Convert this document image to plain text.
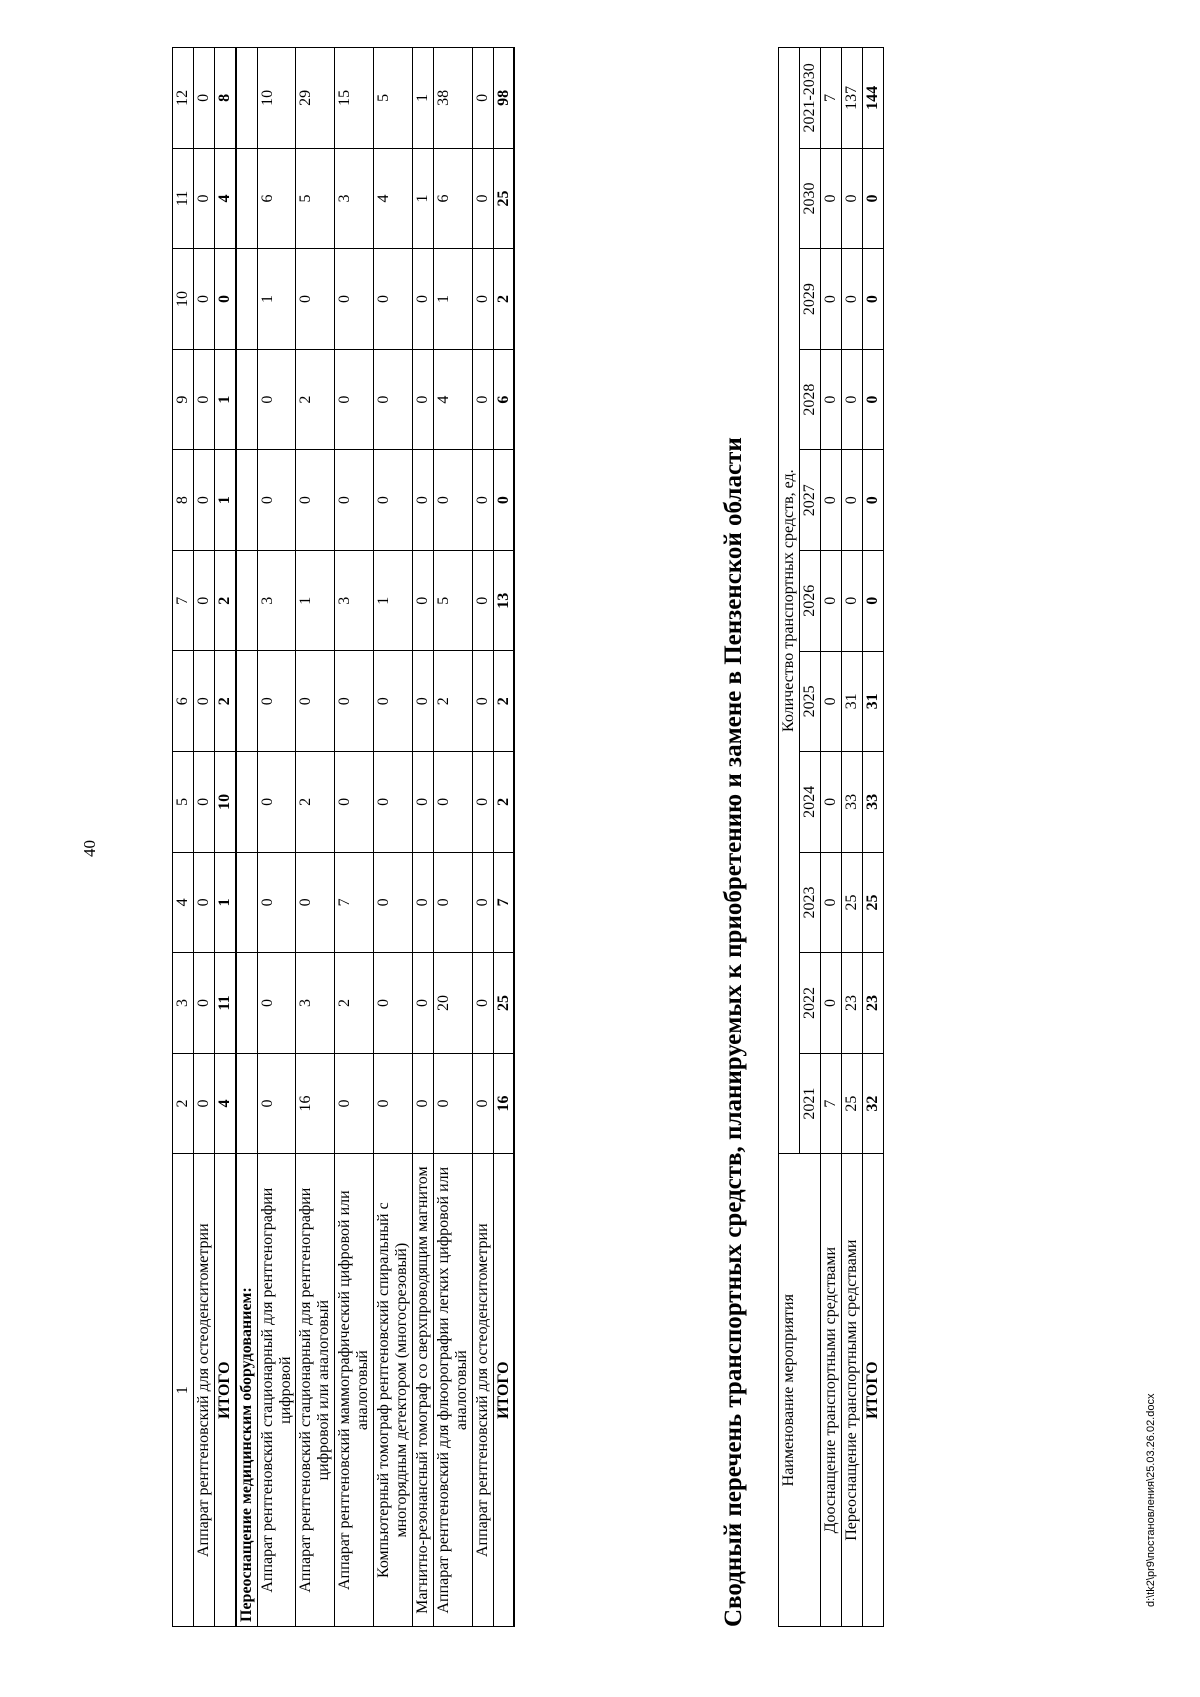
40
1	2	3	4	5	6	7	8	9	10	11	12
Аппарат рентгеновский для остеоденситометрии	0	0	0	0	0	0	0	0	0	0	0
ИТОГО	4	11	1	10	2	2	1	1	0	4	8
Переоснащение медицинским оборудованием:											
Аппарат рентгеновский стационарный для рентгенографии цифровой	0	0	0	0	0	3	0	0	1	6	10
Аппарат рентгеновский стационарный для рентгенографии цифровой или аналоговый	16	3	0	2	0	1	0	2	0	5	29
Аппарат рентгеновский маммографический цифровой или аналоговый	0	2	7	0	0	3	0	0	0	3	15
Компьютерный томограф рентгеновский спиральный с многорядным детектором (многосрезовый)	0	0	0	0	0	1	0	0	0	4	5
Магнитно-резонансный томограф со сверхпроводящим магнитом	0	0	0	0	0	0	0	0	0	1	1
Аппарат рентгеновский для флюорографии легких цифровой или аналоговый	0	20	0	0	2	5	0	4	1	6	38
Аппарат рентгеновский для остеоденситометрии	0	0	0	0	0	0	0	0	0	0	0
ИТОГО	16	25	7	2	2	13	0	6	2	25	98
Сводный перечень транспортных средств, планируемых к приобретению и замене в Пензенской области Наименование мероприятия	Количество транспортных средств, ед.										
	2021	2022	2023	2024	2025	2026	2027	2028	2029	2030	2021-2030
Дооснащение транспортными средствами	7	0	0	0	0	0	0	0	0	0	7
Переоснащение транспортными средствами	25	23	25	33	31	0	0	0	0	0	137
ИТОГО	32	23	25	33	31	0	0	0	0	0	144
d:\tk2\pr9\постановления\25.03.26.02.docx
